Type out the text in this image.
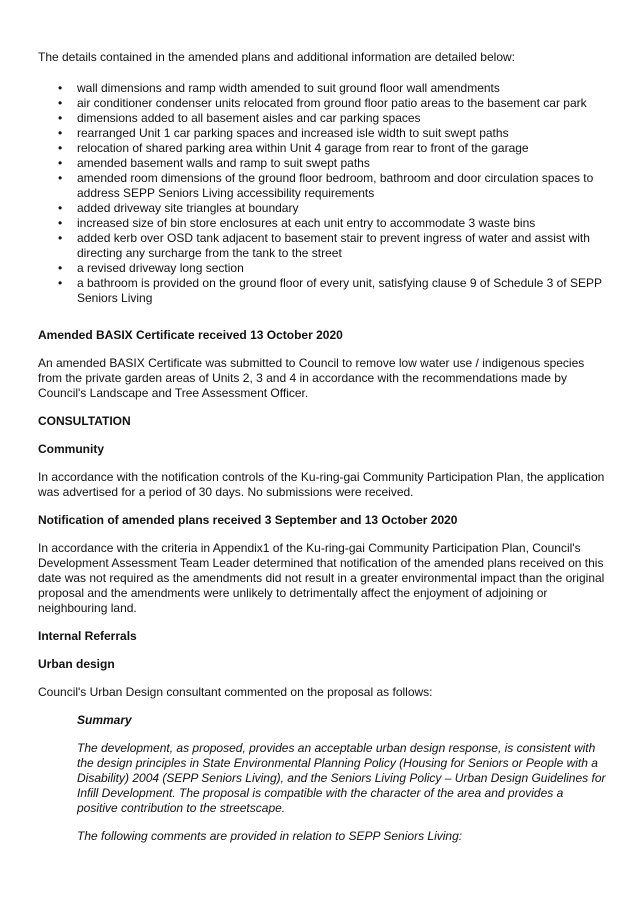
The details contained in the amended plans and additional information are detailed below:

• wall dimensions and ramp width amended to suit ground floor wall amendments
• air conditioner condenser units relocated from ground floor patio areas to the basement car park
• dimensions added to all basement aisles and car parking spaces
• rearranged Unit 1 car parking spaces and increased isle width to suit swept paths
• relocation of shared parking area within Unit 4 garage from rear to front of the garage
• amended basement walls and ramp to suit swept paths
• amended room dimensions of the ground floor bedroom, bathroom and door circulation spaces to address SEPP Seniors Living accessibility requirements
• added driveway site triangles at boundary
• increased size of bin store enclosures at each unit entry to accommodate 3 waste bins
• added kerb over OSD tank adjacent to basement stair to prevent ingress of water and assist with directing any surcharge from the tank to the street
• a revised driveway long section
• a bathroom is provided on the ground floor of every unit, satisfying clause 9 of Schedule 3 of SEPP Seniors Living

Amended BASIX Certificate received 13 October 2020

An amended BASIX Certificate was submitted to Council to remove low water use / indigenous species from the private garden areas of Units 2, 3 and 4 in accordance with the recommendations made by Council's Landscape and Tree Assessment Officer.

CONSULTATION

Community

In accordance with the notification controls of the Ku-ring-gai Community Participation Plan, the application was advertised for a period of 30 days. No submissions were received.

Notification of amended plans received 3 September and 13 October 2020

In accordance with the criteria in Appendix1 of the Ku-ring-gai Community Participation Plan, Council's Development Assessment Team Leader determined that notification of the amended plans received on this date was not required as the amendments did not result in a greater environmental impact than the original proposal and the amendments were unlikely to detrimentally affect the enjoyment of adjoining or neighbouring land.

Internal Referrals

Urban design

Council's Urban Design consultant commented on the proposal as follows:

Summary

The development, as proposed, provides an acceptable urban design response, is consistent with the design principles in State Environmental Planning Policy (Housing for Seniors or People with a Disability) 2004 (SEPP Seniors Living), and the Seniors Living Policy – Urban Design Guidelines for Infill Development. The proposal is compatible with the character of the area and provides a positive contribution to the streetscape.

The following comments are provided in relation to SEPP Seniors Living:
